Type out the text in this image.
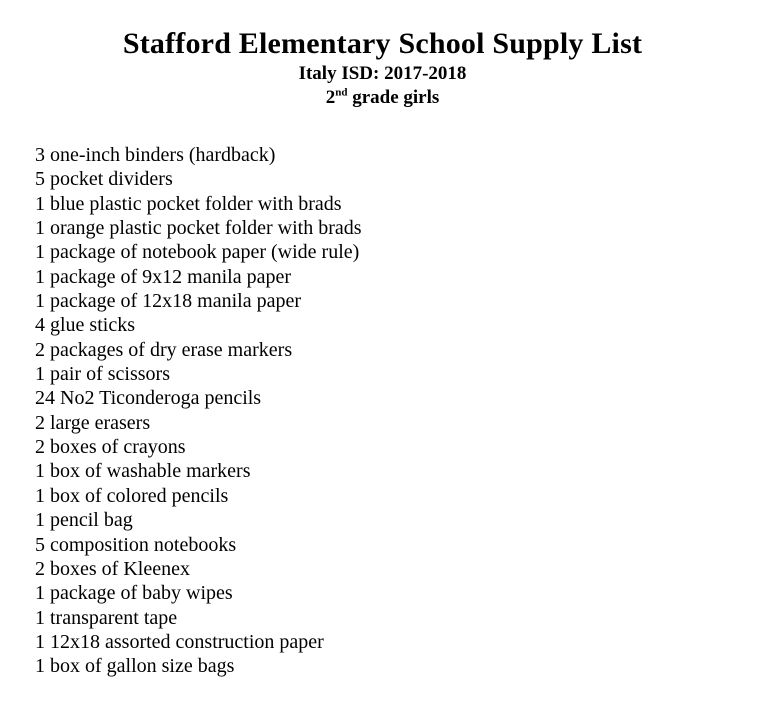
Stafford Elementary School Supply List
Italy ISD: 2017-2018
2nd grade girls
3 one-inch binders (hardback)
5 pocket dividers
1 blue plastic pocket folder with brads
1 orange plastic pocket folder with brads
1 package of notebook paper (wide rule)
1 package of 9x12 manila paper
1 package of 12x18 manila paper
4 glue sticks
2 packages of dry erase markers
1 pair of scissors
24 No2 Ticonderoga pencils
2 large erasers
2 boxes of crayons
1 box of washable markers
1 box of colored pencils
1 pencil bag
5 composition notebooks
2 boxes of Kleenex
1 package of baby wipes
1 transparent tape
1 12x18 assorted construction paper
1 box of gallon size bags
